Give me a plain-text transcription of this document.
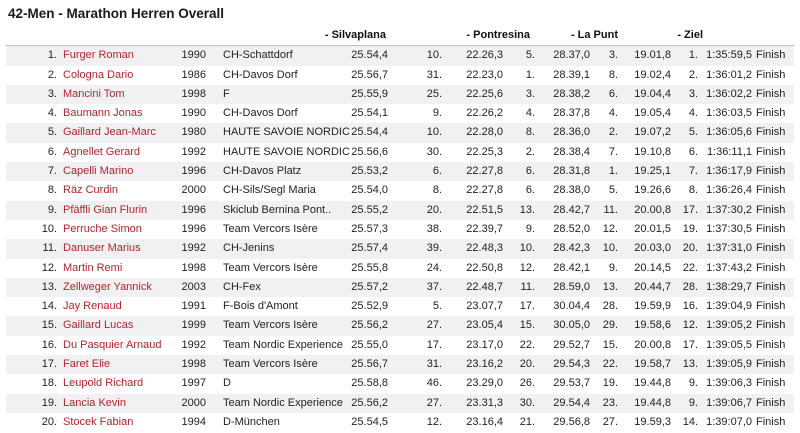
42-Men - Marathon Herren Overall
- Silvaplana	- Pontresina	- La Punt	- Ziel
1. Furger Roman	1990 CH-Schattdorf	25.54,4	10. 22.26,3 5. 28.37,0 3. 19.01,8 1. 1:35:59,5 Finish
2. Cologna Dario	1986 CH-Davos Dorf	25.56,7	31. 22.23,0 1. 28.39,1 8. 19.02,4 2. 1:36:01,2 Finish
3. Mancini Tom	1998 F	25.55,9	25. 22.25,6 3. 28.38,2 6. 19.04,4 3. 1:36:02,2 Finish
4. Baumann Jonas	1990 CH-Davos Dorf	25.54,1	9. 22.26,2 4. 28.37,8 4. 19.05,4 4. 1:36:03,5 Finish
5. Gaillard Jean-Marc 1980 HAUTE SAVOIE NORDIC 25.54,4	10. 22.28,0 8. 28.36,0 2. 19.07,2 5. 1:36:05,6 Finish
6. Agnellet Gerard	1992 HAUTE SAVOIE NORDIC 25.56,6	30. 22.25,3 2. 28.38,4 7. 19.10,8 6. 1:36:11,1 Finish
7. Capelli Marino	1996 CH-Davos Platz	25.53,2	6. 22.27,8 6. 28.31,8 1. 19.25,1 7. 1:36:17,9 Finish
8. Räz Curdin	2000 CH-Sils/Segl Maria	25.54,0	8. 22.27,8 6. 28.38,0 5. 19.26,6 8. 1:36:26,4 Finish
9. Pfäffli Gian Flurin	1996 Skiclub Bernina Pont..	25.55,2	20. 22.51,5 13. 28.42,7 11. 20.00,8 17. 1:37:30,2 Finish
10. Perruche Simon	1996 Team Vercors Isère	25.57,3	38. 22.39,7 9. 28.52,0 12. 20.01,5 19. 1:37:30,5 Finish
11. Danuser Marius	1992 CH-Jenins	25.57,4	39. 22.48,3 10. 28.42,3 10. 20.03,0 20. 1:37:31,0 Finish
12. Martin Remi	1998 Team Vercors Isère	25.55,8	24. 22.50,8 12. 28.42,1 9. 20.14,5 22. 1:37:43,2 Finish
13. Zellweger Yannick	2003 CH-Fex	25.57,2	37. 22.48,7 11. 28.59,0 13. 20.44,7 28. 1:38:29,7 Finish
14. Jay Renaud	1991 F-Bois d'Amont	25.52,9	5. 23.07,7 17. 30.04,4 28. 19.59,9 16. 1:39:04,9 Finish
15. Gaillard Lucas	1999 Team Vercors Isère	25.56,2	27. 23.05,4 15. 30.05,0 29. 19.58,6 12. 1:39:05,2 Finish
16. Du Pasquier Arnaud 1992 Team Nordic Experience 25.55,0	17. 23.17,0 22. 29.52,7 15. 20.00,8 17. 1:39:05,5 Finish
17. Faret Elie	1998 Team Vercors Isère	25.56,7	31. 23.16,2 20. 29.54,3 22. 19.58,7 13. 1:39:05,9 Finish
18. Leupold Richard	1997 D	25.58,8	46. 23.29,0 26. 29.53,7 19. 19.44,8 9. 1:39:06,3 Finish
19. Lancia Kevin	2000 Team Nordic Experience 25.56,2	27. 23.31,3 30. 29.54,4 23. 19.44,8 9. 1:39:06,7 Finish
20. Stocek Fabian	1994 D-München	25.54,5	12. 23.16,4 21. 29.56,8 27. 19.59,3 14. 1:39:07,0 Finish
